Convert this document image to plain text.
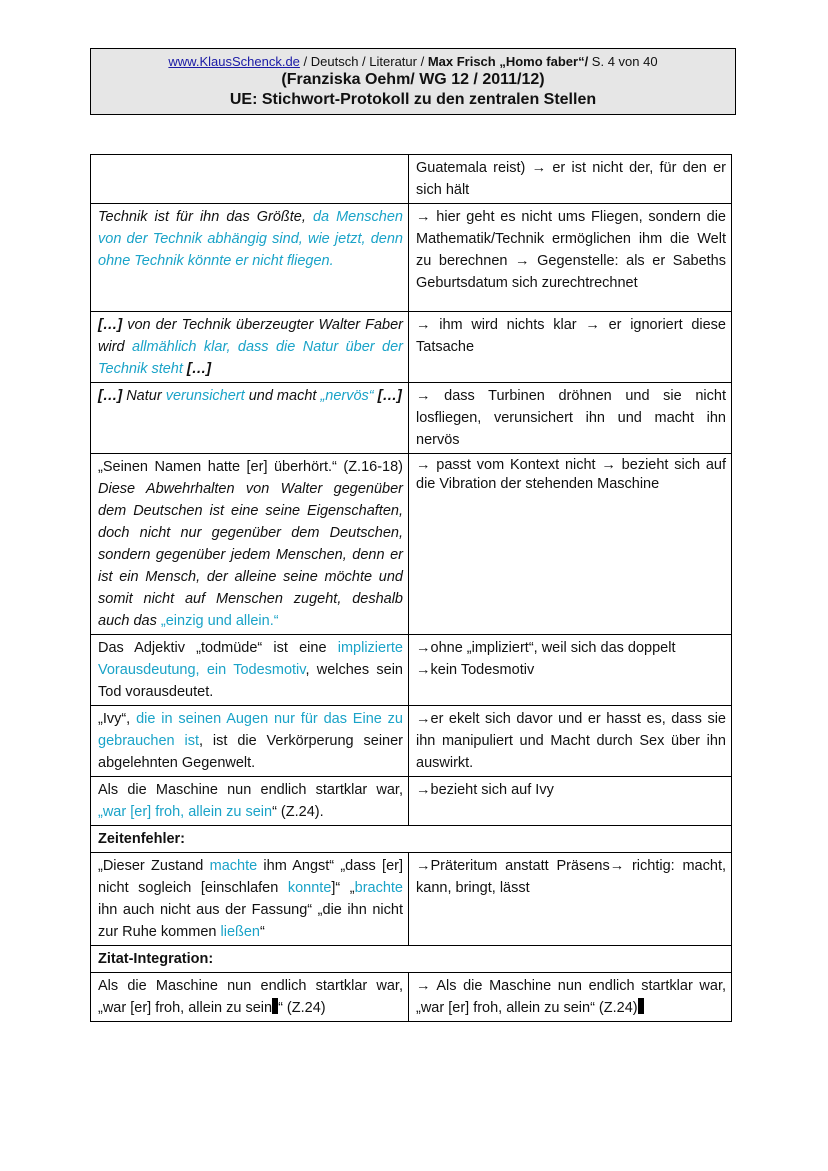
www.KlausSchenck.de / Deutsch / Literatur / Max Frisch „Homo faber“/ S. 4 von 40
(Franziska Oehm/ WG 12 / 2011/12)
UE: Stichwort-Protokoll zu den zentralen Stellen
	Guatemala reist) → er ist nicht der, für den er sich hält
Technik ist für ihn das Größte, da Menschen von der Technik abhängig sind, wie jetzt, denn ohne Technik könnte er nicht fliegen.	→ hier geht es nicht ums Fliegen, sondern die Mathematik/Technik ermöglichen ihm die Welt zu berechnen → Gegenstelle: als er Sabeths Geburtsdatum sich zurechtrechnet
[…] von der Technik überzeugter Walter Faber wird allmählich klar, dass die Natur über der Technik steht […]	→ ihm wird nichts klar → er ignoriert diese Tatsache
[…] Natur verunsichert und macht „nervös“ […]	→ dass Turbinen dröhnen und sie nicht losfliegen, verunsichert ihn und macht ihn nervös
„Seinen Namen hatte [er] überhört.“ (Z.16-18) Diese Abwehrhalten von Walter gegenüber dem Deutschen ist eine seine Eigenschaften, doch nicht nur gegenüber dem Deutschen, sondern gegenüber jedem Menschen, denn er ist ein Mensch, der alleine seine möchte und somit nicht auf Menschen zugeht, deshalb auch das „einzig und allein.“	→ passt vom Kontext nicht → bezieht sich auf die Vibration der stehenden Maschine
Das Adjektiv „todmüde“ ist eine implizierte Vorausdeutung, ein Todesmotiv, welches sein Tod vorausdeutet.	→ohne „impliziert“, weil sich das doppelt
→kein Todesmotiv

„Ivy“, die in seinen Augen nur für das Eine zu gebrauchen ist, ist die Verkörperung seiner abgelehnten Gegenwelt.	→er ekelt sich davor und er hasst es, dass sie ihn manipuliert und Macht durch Sex über ihn auswirkt.
Als die Maschine nun endlich startklar war, „war [er] froh, allein zu sein“ (Z.24).	→bezieht sich auf Ivy
Zeitenfehler:	
„Dieser Zustand machte ihm Angst“ „dass [er] nicht sogleich [einschlafen konnte]“ „brachte ihn auch nicht aus der Fassung“ „die ihn nicht zur Ruhe kommen ließen“	→Präteritum anstatt Präsens→ richtig: macht, kann, bringt, lässt
Zitat-Integration:	
Als die Maschine nun endlich startklar war, „war [er] froh, allein zu sein “ (Z.24)	→ Als die Maschine nun endlich startklar war, „war [er] froh, allein zu sein“ (Z.24)
